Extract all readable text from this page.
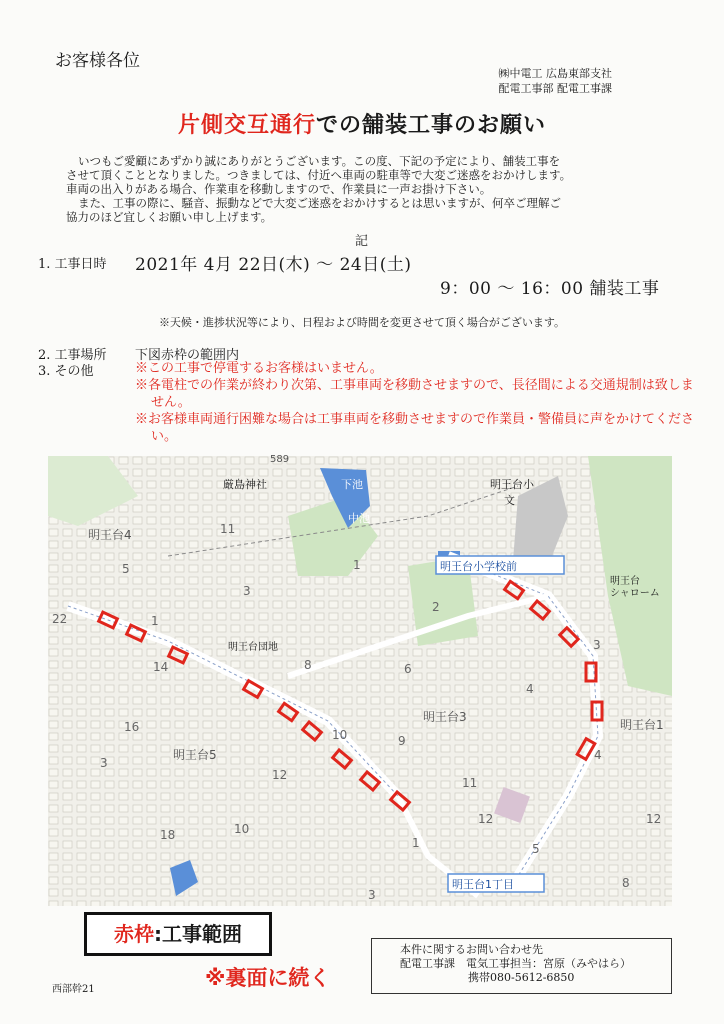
お客様各位
㈱中電工 広島東部支社
配電工事部 配電工事課
片側交互通行での舗装工事のお願い

いつもご愛顧にあずかり誠にありがとうございます。この度、下記の予定により、舗装工事を

させて頂くこととなりました。つきましては、付近へ車両の駐車等で大変ご迷惑をおかけします。

車両の出入りがある場合、作業車を移動しますので、作業員に一声お掛け下さい。

また、工事の際に、騒音、振動などで大変ご迷惑をおかけするとは思いますが、何卒ご理解ご

協力のほど宜しくお願い申し上げます。

記
1. 工事日時 2021年 4月 22日(木) ～ 24日(土)
9：00 ～ 16：00 舗装工事
※天候・進捗状況等により、日程および時間を変更させて頂く場合がございます。
2. 工事場所 下図赤枠の範囲内
3. その他	※この工事で停電するお客様はいません。
※各電柱での作業が終わり次第、工事車両を移動させますので、長径間による交通規制は致しません。
※お客様車両通行困難な場合は工事車両を移動させますので作業員・警備員に声をかけてください。
厳島神社
589
下池
中池
明王台小
文
明王台小学校前
明王台1丁目
明王台団地
明王台
シャローム
明王台3
明王台4
明王台5
明王台1
11
5
3
1
22	1
14
2
3
8	6
4
10	9
16
12
11
12
3
10
18
1	5
3
8
12
4
赤枠:工事範囲
※裏面に続く
西部幹21
本件に関するお問い合わせ先
配電工事課　電気工事担当：宮原（みやはら）
携帯080-5612-6850
